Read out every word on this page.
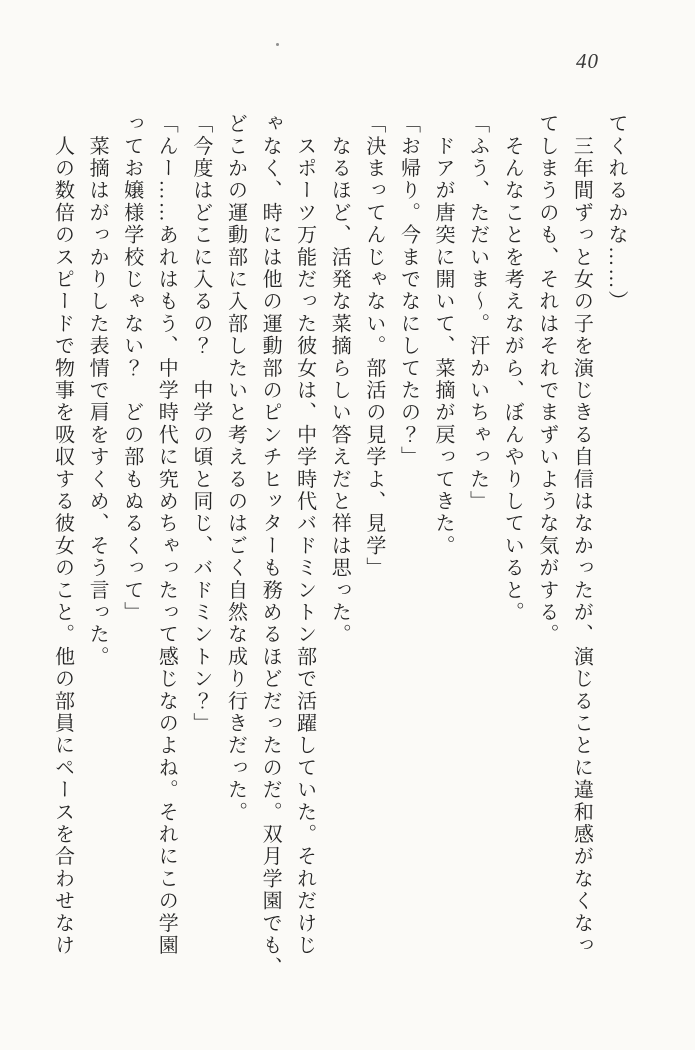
40

てくれるかな……）

　三年間ずっと女の子を演じきる自信はなかったが、演じることに違和感がなくなっ

てしまうのも、それはそれでまずいような気がする。

　そんなことを考えながら、ぼんやりしていると。

「ふう、ただいま～。汗かいちゃった」

　ドアが唐突に開いて、菜摘が戻ってきた。

「お帰り。今までなにしてたの？」

「決まってんじゃない。部活の見学よ、見学」

　なるほど、活発な菜摘らしい答えだと祥は思った。

　スポーツ万能だった彼女は、中学時代バドミントン部で活躍していた。それだけじ

ゃなく、時には他の運動部のピンチヒッターも務めるほどだったのだ。双月学園でも、

どこかの運動部に入部したいと考えるのはごく自然な成り行きだった。

「今度はどこに入るの？　中学の頃と同じ、バドミントン？」

「んー……あれはもう、中学時代に究めちゃったって感じなのよね。それにこの学園

ってお嬢様学校じゃない？　どの部もぬるくって」

　菜摘はがっかりした表情で肩をすくめ、そう言った。

　人の数倍のスピードで物事を吸収する彼女のこと。他の部員にペースを合わせなけ
